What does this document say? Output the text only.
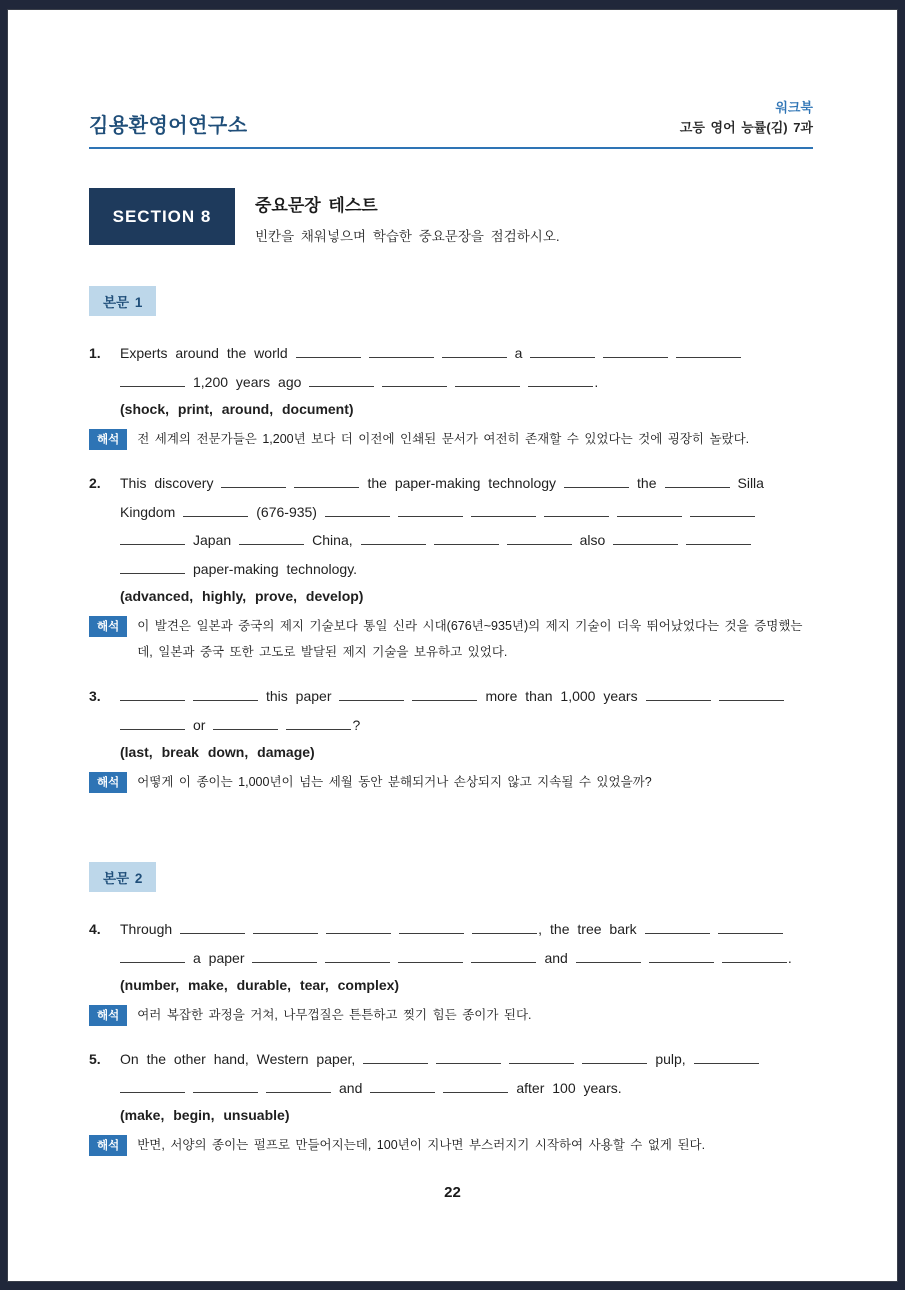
김용환영어연구소
워크북
고등 영어 능률(김) 7과
SECTION 8
중요문장 테스트
빈칸을 채워넣으며 학습한 중요문장을 점검하시오.
본문 1
1.	Experts around the world	a
1,200 years ago	.
(shock, print, around, document)
해석	전 세계의 전문가들은 1,200년 보다 더 이전에 인쇄된 문서가 여전히 존재할 수 있었다는 것에 굉장히 놀랐다.
2.	This discovery	the paper-making technology	the	Silla
Kingdom	(676-935)
Japan	China,	also
paper-making technology.
(advanced, highly, prove, develop)
해석	이 발견은 일본과 중국의 제지 기술보다 통일 신라 시대(676년~935년)의 제지 기술이 더욱 뛰어났었다는 것을 증명했는데, 일본과 중국 또한 고도로 발달된 제지 기술을 보유하고 있었다.
3.	this paper	more than 1,000 years
or	?
(last, break down, damage)
해석	어떻게 이 종이는 1,000년이 넘는 세월 동안 분해되거나 손상되지 않고 지속될 수 있었을까?
본문 2
4.	Through	, the tree bark
a paper	and	.
(number, make, durable, tear, complex)
해석	여러 복잡한 과정을 거쳐, 나무껍질은 튼튼하고 찢기 힘든 종이가 된다.
5.	On the other hand, Western paper,	pulp,
and	after 100 years.
(make, begin, unsuable)
해석	반면, 서양의 종이는 펄프로 만들어지는데, 100년이 지나면 부스러지기 시작하여 사용할 수 없게 된다.
22
